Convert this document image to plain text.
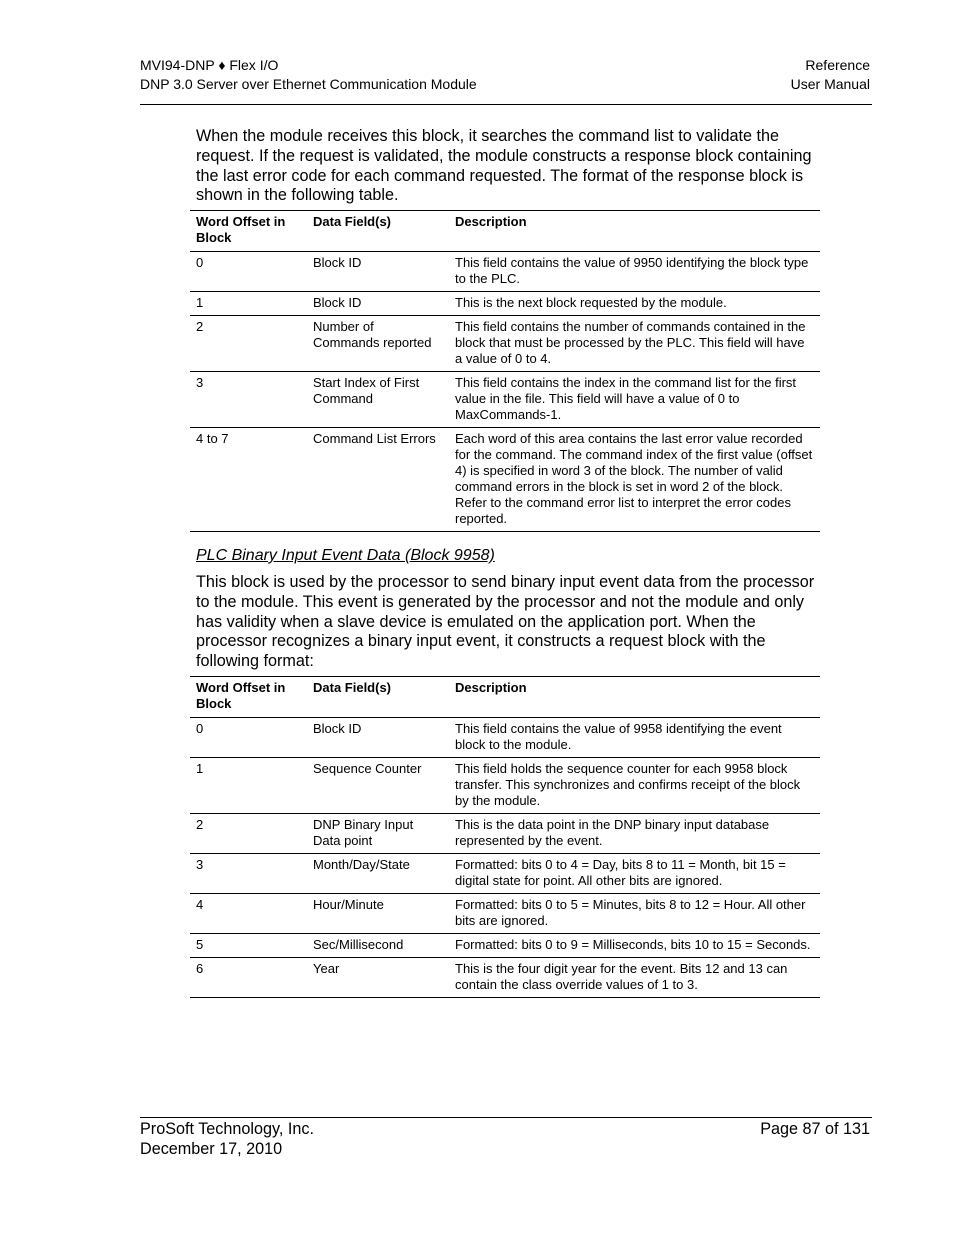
MVI94-DNP ♦ Flex I/O
DNP 3.0 Server over Ethernet Communication Module
Reference
User Manual
When the module receives this block, it searches the command list to validate the request. If the request is validated, the module constructs a response block containing the last error code for each command requested. The format of the response block is shown in the following table.
Word Offset in Block	Data Field(s)	Description
0	Block ID	This field contains the value of 9950 identifying the block type to the PLC.
1	Block ID	This is the next block requested by the module.
2	Number of Commands reported	This field contains the number of commands contained in the block that must be processed by the PLC. This field will have a value of 0 to 4.
3	Start Index of First Command	This field contains the index in the command list for the first value in the file. This field will have a value of 0 to MaxCommands-1.
4 to 7	Command List Errors	Each word of this area contains the last error value recorded for the command. The command index of the first value (offset 4) is specified in word 3 of the block. The number of valid command errors in the block is set in word 2 of the block. Refer to the command error list to interpret the error codes reported.
PLC Binary Input Event Data (Block 9958)
This block is used by the processor to send binary input event data from the processor to the module. This event is generated by the processor and not the module and only has validity when a slave device is emulated on the application port. When the processor recognizes a binary input event, it constructs a request block with the following format:
Word Offset in Block	Data Field(s)	Description
0	Block ID	This field contains the value of 9958 identifying the event block to the module.
1	Sequence Counter	This field holds the sequence counter for each 9958 block transfer. This synchronizes and confirms receipt of the block by the module.
2	DNP Binary Input Data point	This is the data point in the DNP binary input database represented by the event.
3	Month/Day/State	Formatted: bits 0 to 4 = Day, bits 8 to 11 = Month, bit 15 = digital state for point. All other bits are ignored.
4	Hour/Minute	Formatted: bits 0 to 5 = Minutes, bits 8 to 12 = Hour. All other bits are ignored.
5	Sec/Millisecond	Formatted: bits 0 to 9 = Milliseconds, bits 10 to 15 = Seconds.
6	Year	This is the four digit year for the event. Bits 12 and 13 can contain the class override values of 1 to 3.
ProSoft Technology, Inc.
December 17, 2010
Page 87 of 131
